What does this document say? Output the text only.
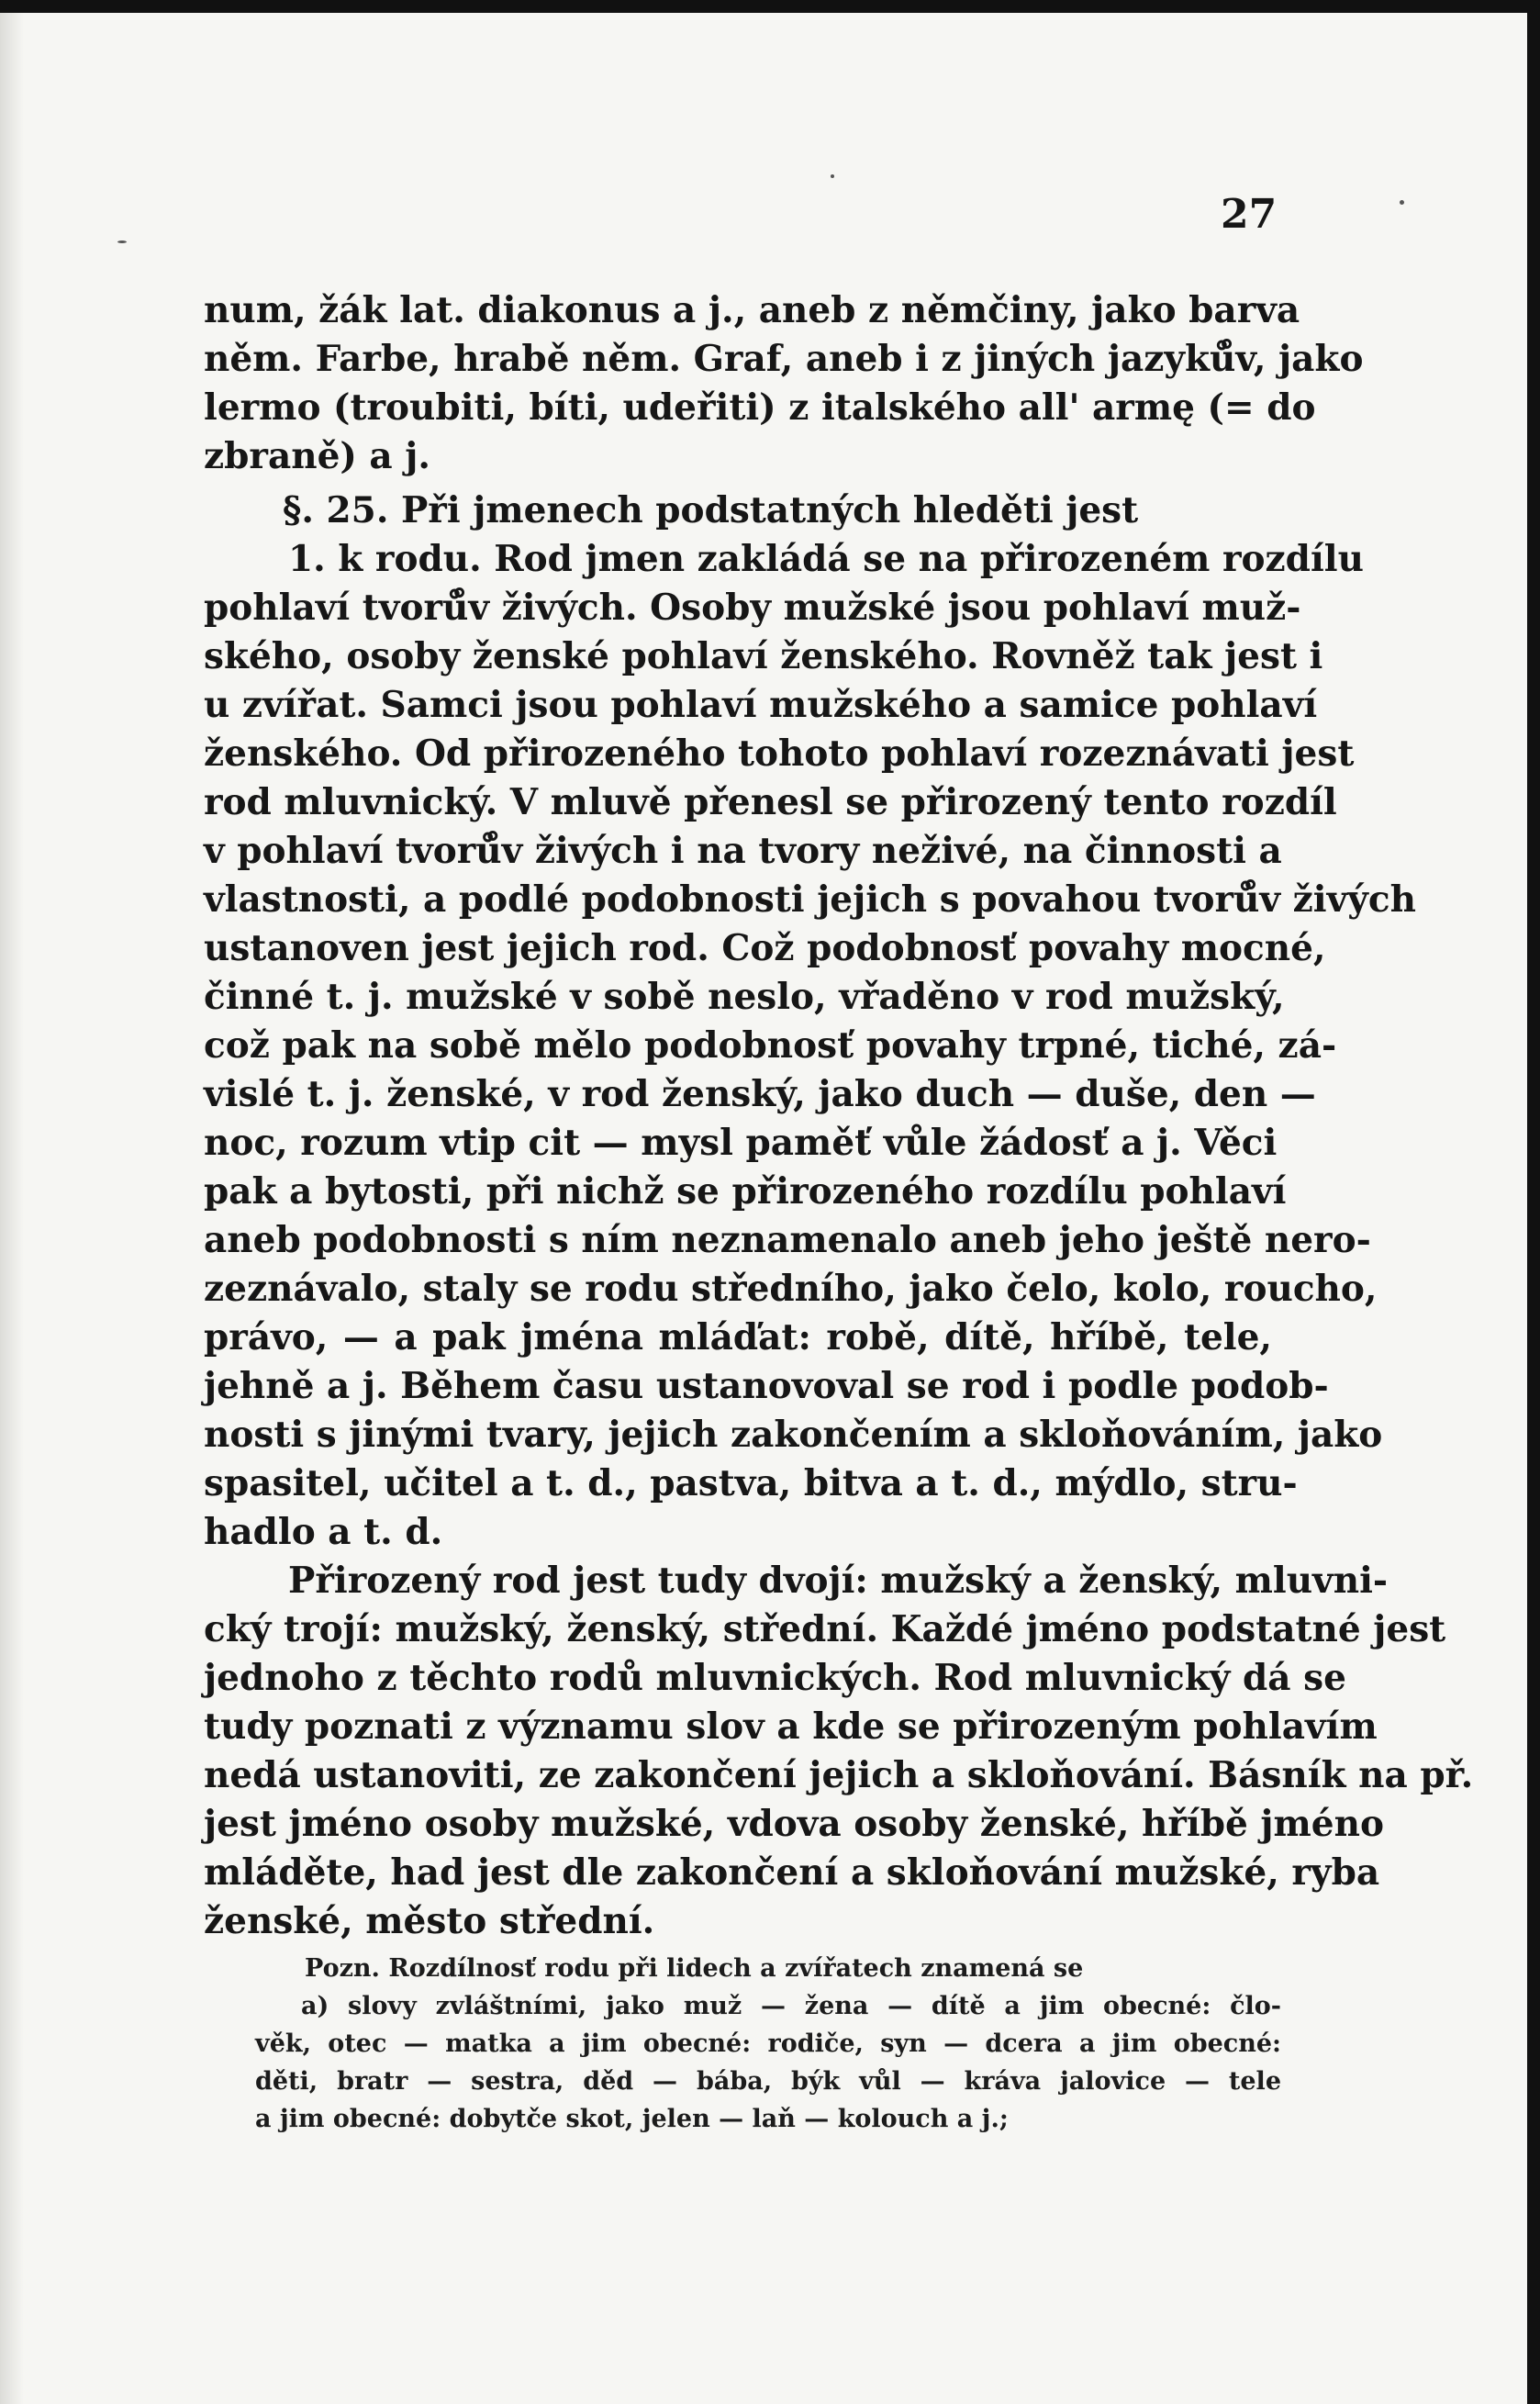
27
num, žák lat. diakonus a j., aneb z němčiny, jako barva
něm. Farbe, hrabě něm. Graf, aneb i z jiných jazyků̊v, jako
lermo (troubiti, bíti, udeřiti) z italského all' armę (= do
zbraně) a j.
§. 25. Při jmenech podstatných hleděti jest
1. k rodu. Rod jmen zakládá se na přirozeném rozdílu
pohlaví tvorů̊v živých. Osoby mužské jsou pohlaví muž-
ského, osoby ženské pohlaví ženského. Rovněž tak jest i
u zvířat. Samci jsou pohlaví mužského a samice pohlaví
ženského. Od přirozeného tohoto pohlaví rozeznávati jest
rod mluvnický. V mluvě přenesl se přirozený tento rozdíl
v pohlaví tvorů̊v živých i na tvory neživé, na činnosti a
vlastnosti, a podlé podobnosti jejich s povahou tvorů̊v živých
ustanoven jest jejich rod. Což podobnosť povahy mocné,
činné t. j. mužské v sobě neslo, vřaděno v rod mužský,
což pak na sobě mělo podobnosť povahy trpné, tiché, zá-
vislé t. j. ženské, v rod ženský, jako duch — duše, den —
noc, rozum vtip cit — mysl paměť vůle žádosť a j. Věci
pak a bytosti, při nichž se přirozeného rozdílu pohlaví
aneb podobnosti s ním neznamenalo aneb jeho ještě nero-
zeznávalo, staly se rodu středního, jako čelo, kolo, roucho,
právo, — a pak jména mláďat: robě, dítě, hříbě, tele,
jehně a j. Během času ustanovoval se rod i podle podob-
nosti s jinými tvary, jejich zakončením a skloňováním, jako
spasitel, učitel a t. d., pastva, bitva a t. d., mýdlo, stru-
hadlo a t. d.
Přirozený rod jest tudy dvojí: mužský a ženský, mluvni-
cký trojí: mužský, ženský, střední. Každé jméno podstatné jest
jednoho z těchto rodů mluvnických. Rod mluvnický dá se
tudy poznati z významu slov a kde se přirozeným pohlavím
nedá ustanoviti, ze zakončení jejich a skloňování. Básník na př.
jest jméno osoby mužské, vdova osoby ženské, hříbě jméno
mláděte, had jest dle zakončení a skloňování mužské, ryba
ženské, město střední.
Pozn. Rozdílnosť rodu při lidech a zvířatech znamená se
a) slovy zvláštními, jako muž — žena — dítě a jim obecné: člo-
věk, otec — matka a jim obecné: rodiče, syn — dcera a jim obecné:
děti, bratr — sestra, děd — bába, býk vůl — kráva jalovice — tele
a jim obecné: dobytče skot, jelen — laň — kolouch a j.;
